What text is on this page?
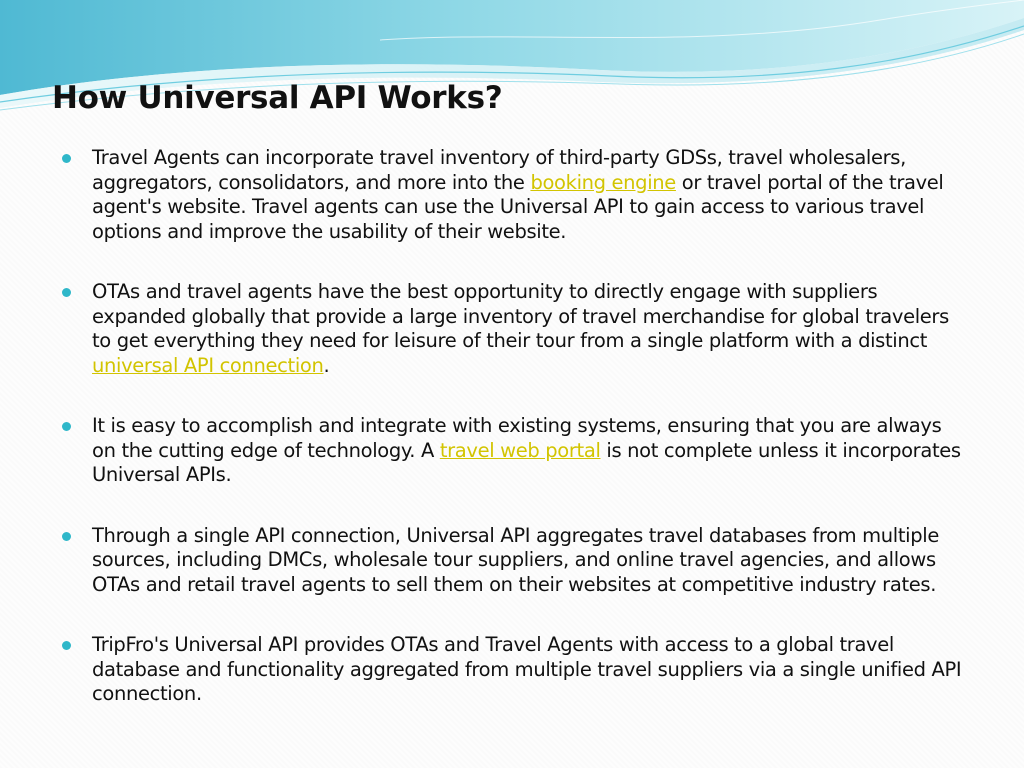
How Universal API Works?
Travel Agents can incorporate travel inventory of third-party GDSs, travel wholesalers, aggregators, consolidators, and more into the booking engine or travel portal of the travel agent's website. Travel agents can use the Universal API to gain access to various travel options and improve the usability of their website.
OTAs and travel agents have the best opportunity to directly engage with suppliers expanded globally that provide a large inventory of travel merchandise for global travelers to get everything they need for leisure of their tour from a single platform with a distinct universal API connection.
It is easy to accomplish and integrate with existing systems, ensuring that you are always on the cutting edge of technology. A travel web portal is not complete unless it incorporates Universal APIs.
Through a single API connection, Universal API aggregates travel databases from multiple sources, including DMCs, wholesale tour suppliers, and online travel agencies, and allows OTAs and retail travel agents to sell them on their websites at competitive industry rates.
TripFro's Universal API provides OTAs and Travel Agents with access to a global travel database and functionality aggregated from multiple travel suppliers via a single unified API connection.
